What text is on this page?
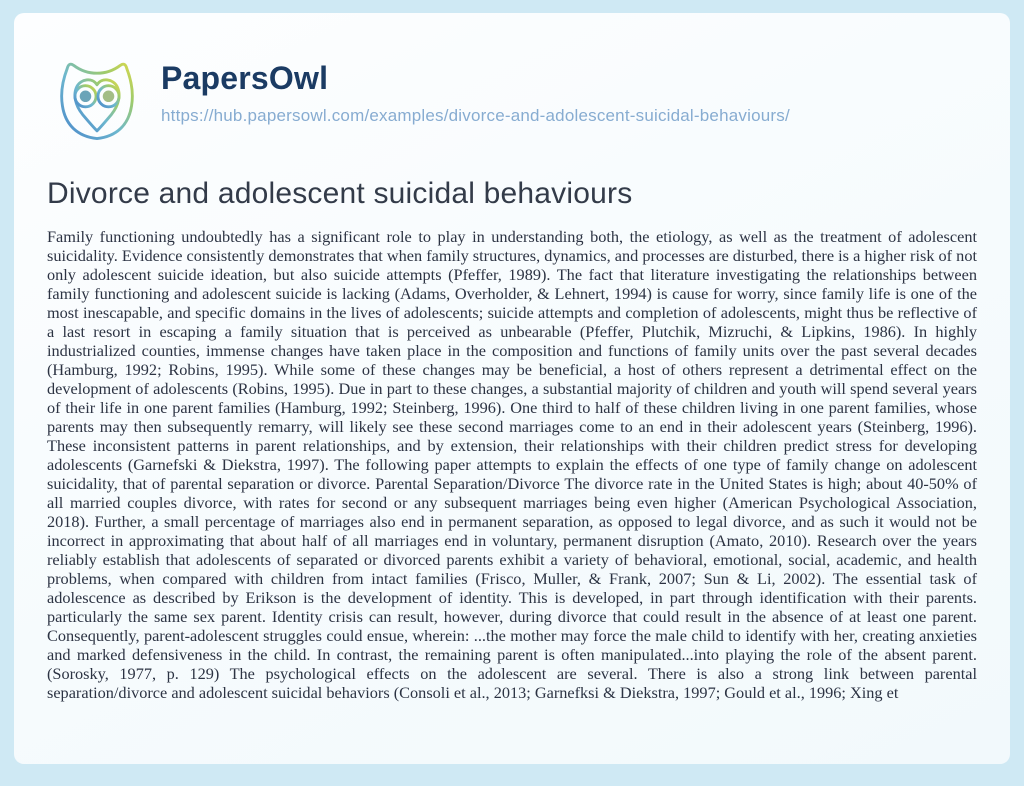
PapersOwl
https://hub.papersowl.com/examples/divorce-and-adolescent-suicidal-behaviours/
Divorce and adolescent suicidal behaviours

Family functioning undoubtedly has a significant role to play in understanding both, the etiology, as well as the treatment of adolescent suicidality. Evidence consistently demonstrates that when family structures, dynamics, and processes are disturbed, there is a higher risk of not only adolescent suicide ideation, but also suicide attempts (Pfeffer, 1989). The fact that literature investigating the relationships between family functioning and adolescent suicide is lacking (Adams, Overholder, & Lehnert, 1994) is cause for worry, since family life is one of the most inescapable, and specific domains in the lives of adolescents; suicide attempts and completion of adolescents, might thus be reflective of a last resort in escaping a family situation that is perceived as unbearable (Pfeffer, Plutchik, Mizruchi, & Lipkins, 1986). In highly industrialized counties, immense changes have taken place in the composition and functions of family units over the past several decades (Hamburg, 1992; Robins, 1995). While some of these changes may be beneficial, a host of others represent a detrimental effect on the development of adolescents (Robins, 1995). Due in part to these changes, a substantial majority of children and youth will spend several years of their life in one parent families (Hamburg, 1992; Steinberg, 1996). One third to half of these children living in one parent families, whose parents may then subsequently remarry, will likely see these second marriages come to an end in their adolescent years (Steinberg, 1996). These inconsistent patterns in parent relationships, and by extension, their relationships with their children predict stress for developing adolescents (Garnefski & Diekstra, 1997). The following paper attempts to explain the effects of one type of family change on adolescent suicidality, that of parental separation or divorce. Parental Separation/Divorce The divorce rate in the United States is high; about 40-50% of all married couples divorce, with rates for second or any subsequent marriages being even higher (American Psychological Association, 2018). Further, a small percentage of marriages also end in permanent separation, as opposed to legal divorce, and as such it would not be incorrect in approximating that about half of all marriages end in voluntary, permanent disruption (Amato, 2010). Research over the years reliably establish that adolescents of separated or divorced parents exhibit a variety of behavioral, emotional, social, academic, and health problems, when compared with children from intact families (Frisco, Muller, & Frank, 2007; Sun & Li, 2002). The essential task of adolescence as described by Erikson is the development of identity. This is developed, in part through identification with their parents. particularly the same sex parent. Identity crisis can result, however, during divorce that could result in the absence of at least one parent. Consequently, parent-adolescent struggles could ensue, wherein: ...the mother may force the male child to identify with her, creating anxieties and marked defensiveness in the child. In contrast, the remaining parent is often manipulated...into playing the role of the absent parent. (Sorosky, 1977, p. 129) The psychological effects on the adolescent are several. There is also a strong link between parental separation/divorce and adolescent suicidal behaviors (Consoli et al., 2013; Garnefksi & Diekstra, 1997; Gould et al., 1996; Xing et
